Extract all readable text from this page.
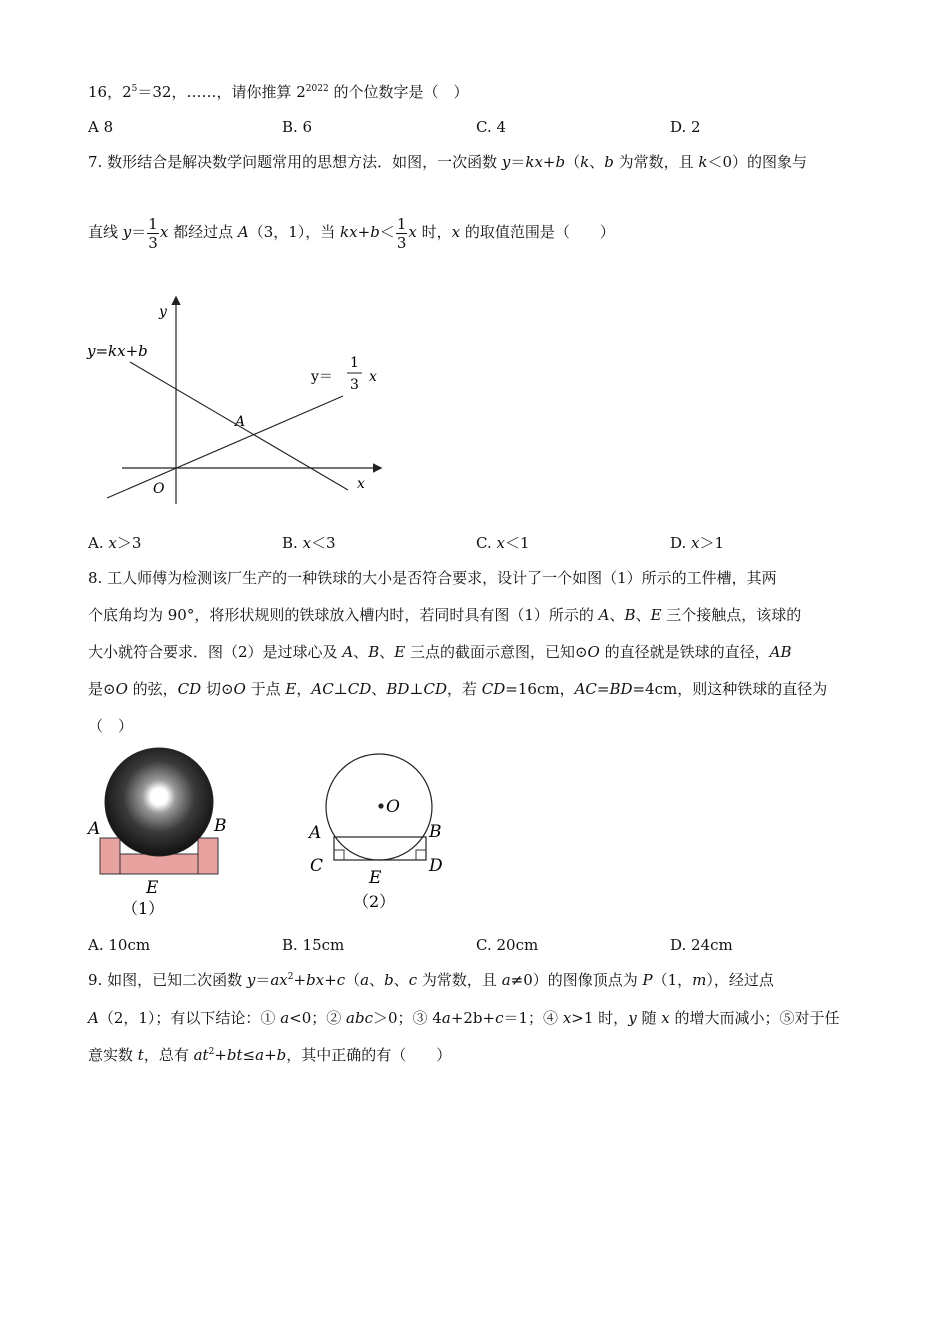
16，$2^5=32$，……，请你推算 $2^{2022}$ 的个位数字是（　）
A 8	B. 6	C. 4	D. 2
7. 数形结合是解决数学问题常用的思想方法．如图，一次函数 y＝kx+b（k、b 为常数，且 k＜0）的图象与
直线 $y= \frac{1}{3}$ x 都经过点 A（3，1），当 $kx+b< \frac{1}{3}$ x 时，x 的取值范围是（　　）
y
x
O
A
y=kx+b
y＝
1
3 x
A. x＞3	B. x＜3	C. x＜1	D. x＞1
8. 工人师傅为检测该厂生产的一种铁球的大小是否符合要求，设计了一个如图（1）所示的工件槽，其两
个底角均为 90°，将形状规则的铁球放入槽内时，若同时具有图（1）所示的 A、B、E 三个接触点，该球的
大小就符合要求．图（2）是过球心及 A、B、E 三点的截面示意图，已知⊙O 的直径就是铁球的直径，AB
是⊙O 的弦，CD 切⊙O 于点 E，AC⊥CD、BD⊥CD，若 CD=16cm，AC=BD=4cm，则这种铁球的直径为
（　）
A	B
E
（1）
O
A	B
C	D
E
（2）
A. 10cm	B. 15cm	C. 20cm	D. 24cm
9. 如图，已知二次函数 $y=ax^2+bx+c(a$、b、c 为常数，且 a≠0）的图像顶点为 P（1，m），经过点
A（2，1）；有以下结论：① a<0；② abc＞0；③ 4a+2b+c＝1；④ x>1 时，y 随 x 的增大而减小；⑤对于任
意实数 t，总有 $at^2+bt\le a+b$，其中正确的有（　　）
